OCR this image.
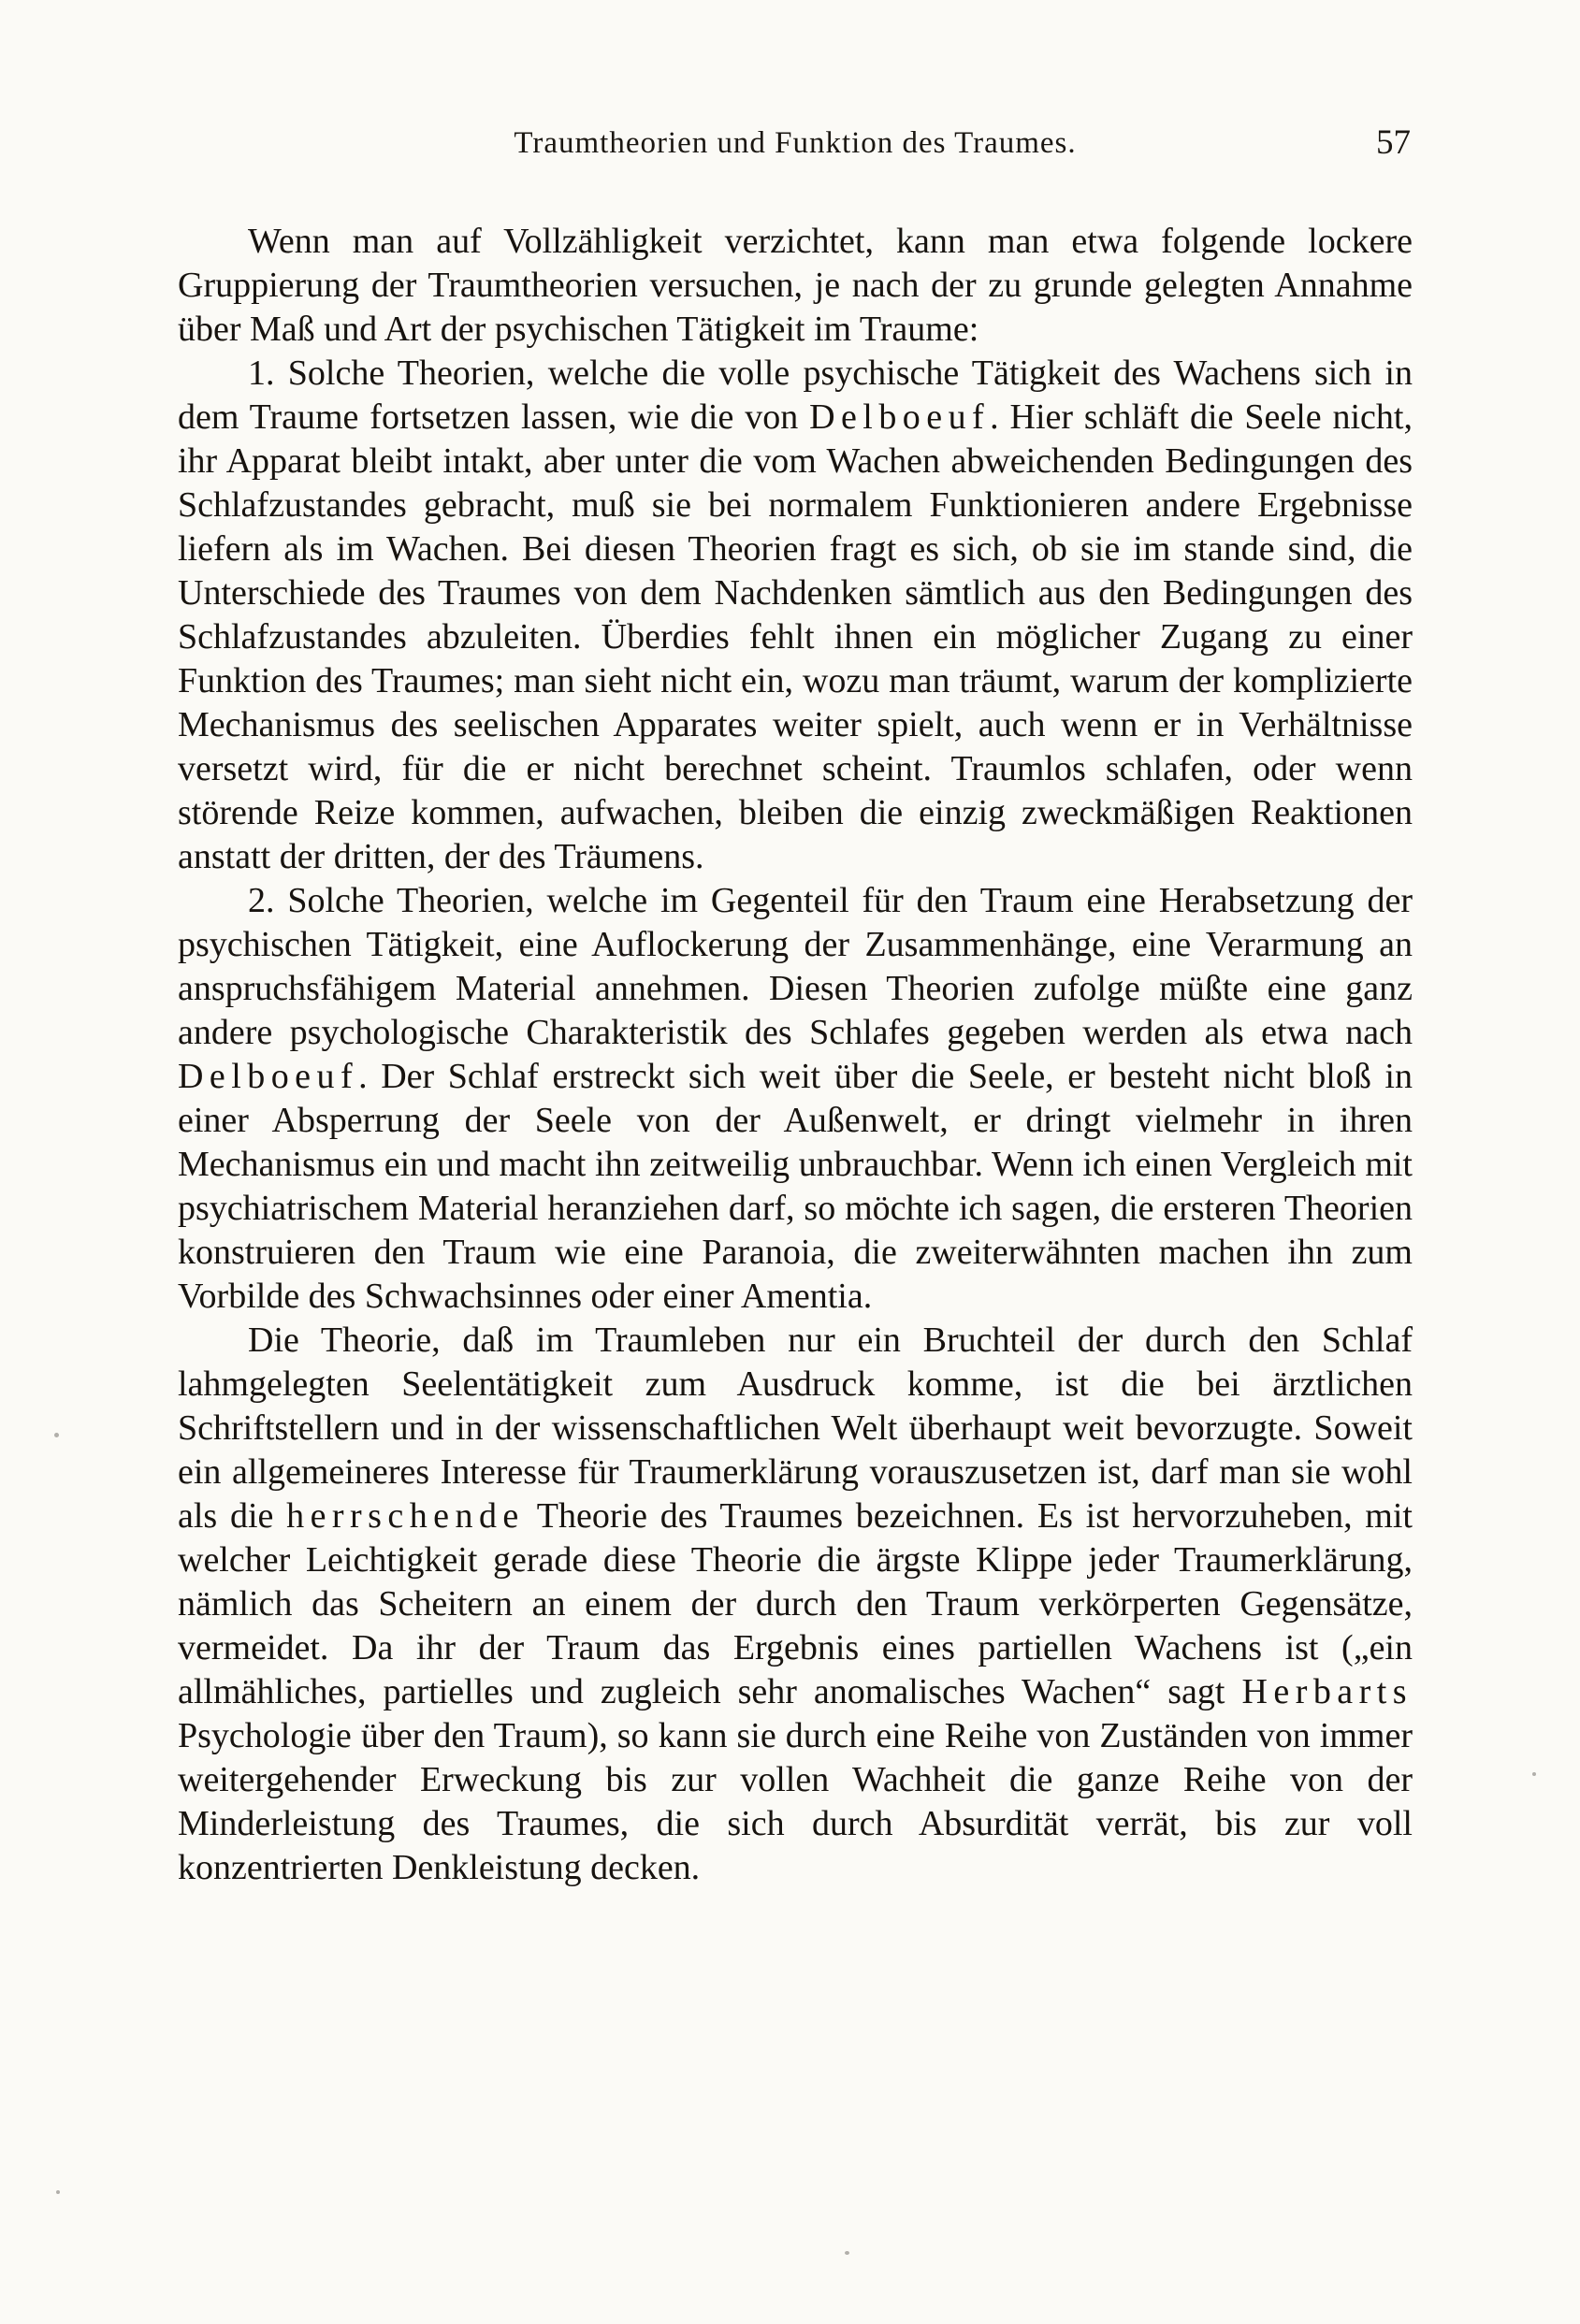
Traumtheorien und Funktion des Traumes.	57

Wenn man auf Vollzähligkeit verzichtet, kann man etwa folgende lockere Gruppierung der Traumtheorien versuchen, je nach der zu grunde gelegten Annahme über Maß und Art der psychischen Tätigkeit im Traume:

1. Solche Theorien, welche die volle psychische Tätigkeit des Wachens sich in dem Traume fortsetzen lassen, wie die von Delboeuf. Hier schläft die Seele nicht, ihr Apparat bleibt intakt, aber unter die vom Wachen abweichenden Bedingungen des Schlafzustandes gebracht, muß sie bei normalem Funktionieren andere Ergebnisse liefern als im Wachen. Bei diesen Theorien fragt es sich, ob sie im stande sind, die Unterschiede des Traumes von dem Nachdenken sämtlich aus den Bedingungen des Schlafzustandes abzuleiten. Überdies fehlt ihnen ein möglicher Zugang zu einer Funktion des Traumes; man sieht nicht ein, wozu man träumt, warum der komplizierte Mechanismus des seelischen Apparates weiter spielt, auch wenn er in Verhältnisse versetzt wird, für die er nicht berechnet scheint. Traumlos schlafen, oder wenn störende Reize kommen, aufwachen, bleiben die einzig zweckmäßigen Reaktionen anstatt der dritten, der des Träumens.

2. Solche Theorien, welche im Gegenteil für den Traum eine Herabsetzung der psychischen Tätigkeit, eine Auflockerung der Zusammenhänge, eine Verarmung an anspruchsfähigem Material annehmen. Diesen Theorien zufolge müßte eine ganz andere psychologische Charakteristik des Schlafes gegeben werden als etwa nach Delboeuf. Der Schlaf erstreckt sich weit über die Seele, er besteht nicht bloß in einer Absperrung der Seele von der Außenwelt, er dringt vielmehr in ihren Mechanismus ein und macht ihn zeitweilig unbrauchbar. Wenn ich einen Vergleich mit psychiatrischem Material heranziehen darf, so möchte ich sagen, die ersteren Theorien konstruieren den Traum wie eine Paranoia, die zweiterwähnten machen ihn zum Vorbilde des Schwachsinnes oder einer Amentia.

Die Theorie, daß im Traumleben nur ein Bruchteil der durch den Schlaf lahmgelegten Seelentätigkeit zum Ausdruck komme, ist die bei ärztlichen Schriftstellern und in der wissenschaftlichen Welt überhaupt weit bevorzugte. Soweit ein allgemeineres Interesse für Traumerklärung vorauszusetzen ist, darf man sie wohl als die herrschende Theorie des Traumes bezeichnen. Es ist hervorzuheben, mit welcher Leichtigkeit gerade diese Theorie die ärgste Klippe jeder Traumerklärung, nämlich das Scheitern an einem der durch den Traum verkörperten Gegensätze, vermeidet. Da ihr der Traum das Ergebnis eines partiellen Wachens ist („ein allmähliches, partielles und zugleich sehr anomalisches Wachen“ sagt Herbarts Psychologie über den Traum), so kann sie durch eine Reihe von Zuständen von immer weitergehender Erweckung bis zur vollen Wachheit die ganze Reihe von der Minderleistung des Traumes, die sich durch Absurdität verrät, bis zur voll konzentrierten Denkleistung decken.
